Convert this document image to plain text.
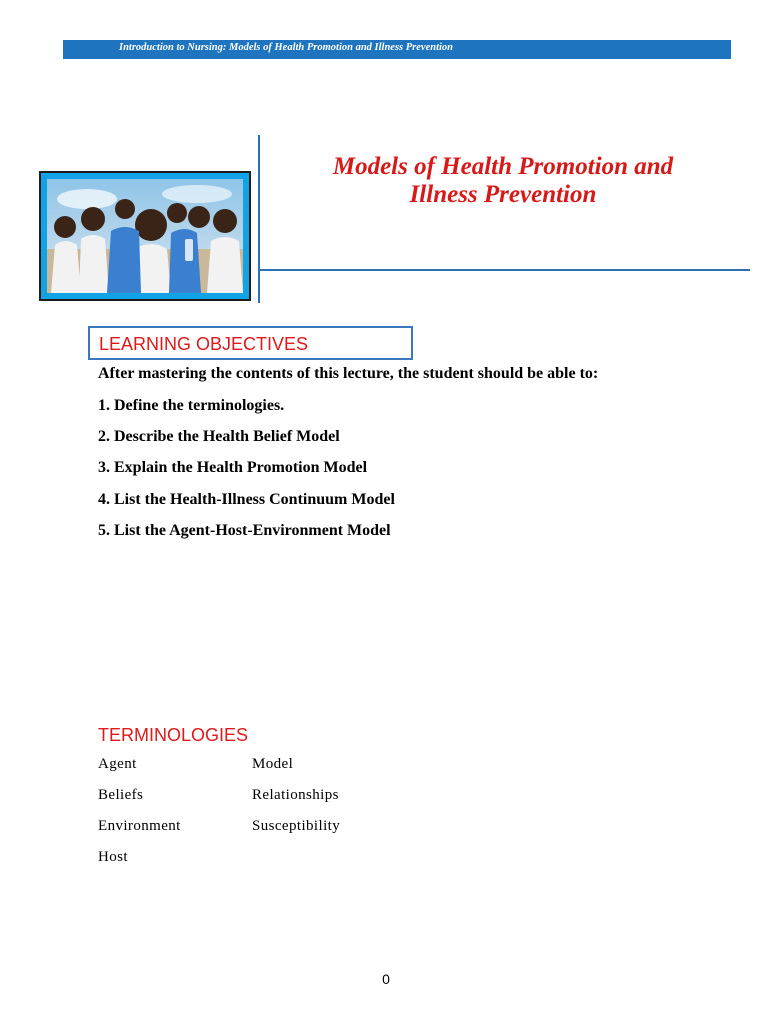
Introduction to Nursing: Models of Health Promotion and Illness Prevention
Models of Health Promotion and
Illness Prevention
LEARNING OBJECTIVES
After mastering the contents of this lecture, the student should be able to:
1. Define the terminologies.
2. Describe the Health Belief Model
3. Explain the Health Promotion Model
4. List the Health-Illness Continuum Model
5. List the Agent-Host-Environment Model
TERMINOLOGIES
Agent
Beliefs
Environment
Host
Model
Relationships
Susceptibility
0
